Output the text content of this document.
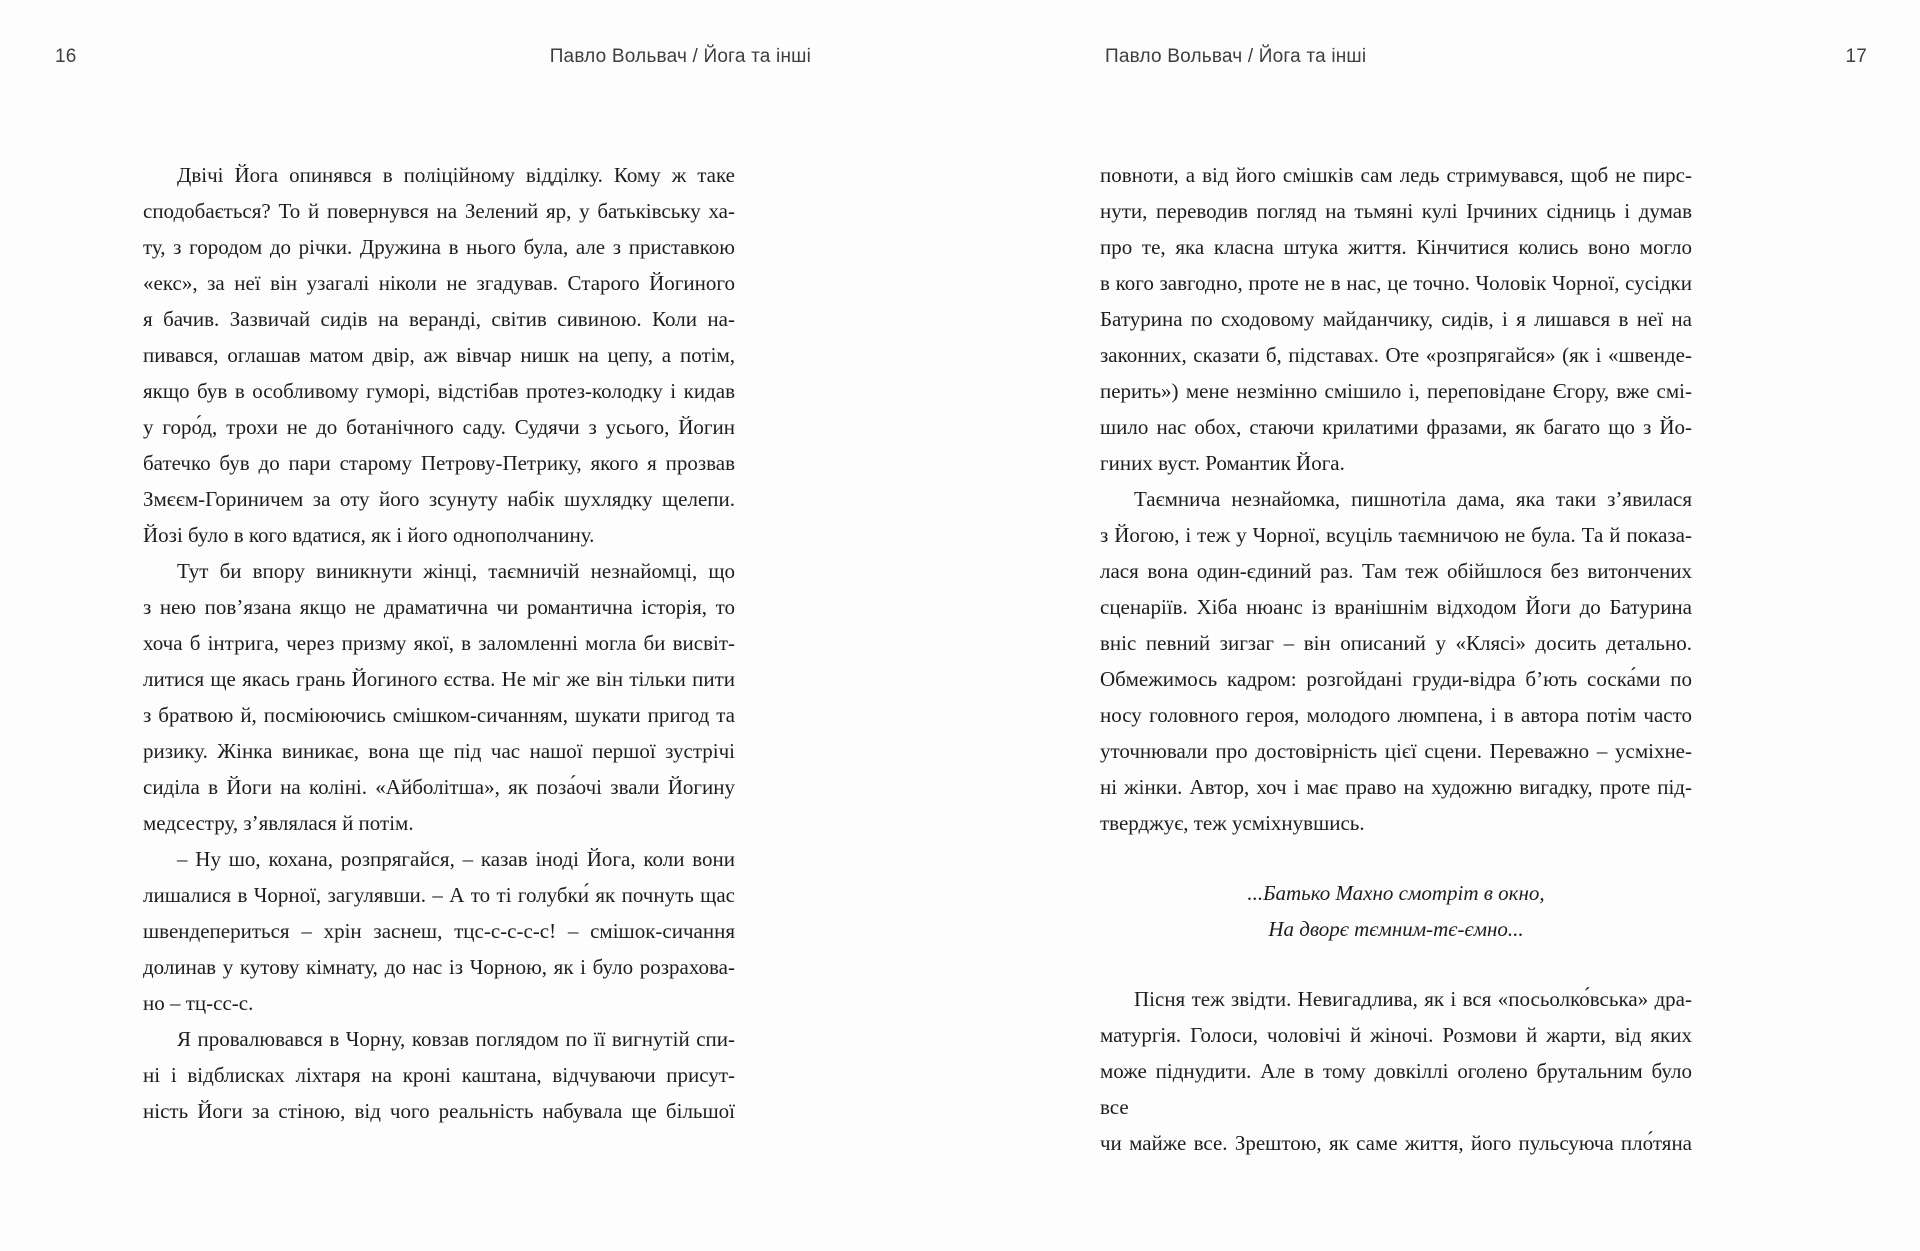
16	Павло Вольвач / Йога та інші	Павло Вольвач / Йога та інші	17
Двічі Йога опинявся в поліційному відділку. Кому ж таке
сподобається? То й повернувся на Зелений яр, у батьківську ха-
ту, з городом до річки. Дружина в нього була, але з приставкою
«екс», за неї він узагалі ніколи не згадував. Старого Йогиного
я бачив. Зазвичай сидів на веранді, світив сивиною. Коли на-
пивався, оглашав матом двір, аж вівчар нишк на цепу, а потім,
якщо був в особливому гуморі, відстібав протез-колодку і кидав
у горо́д, трохи не до ботанічного саду. Судячи з усього, Йогин
батечко був до пари старому Петрову-Петрику, якого я прозвав
Змєєм-Гориничем за оту його зсунуту набік шухлядку щелепи.
Йозі було в кого вдатися, як і його однополчанину.
Тут би впору виникнути жінці, таємничій незнайомці, що
з нею пов’язана якщо не драматична чи романтична історія, то
хоча б інтрига, через призму якої, в заломленні могла би висвіт-
литися ще якась грань Йогиного єства. Не міг же він тільки пити
з братвою й, посміюючись смішком-сичанням, шукати пригод та
ризику. Жінка виникає, вона ще під час нашої першої зустрічі
сиділа в Йоги на коліні. «Айболітша», як поза́очі звали Йогину
медсестру, з’являлася й потім.
– Ну шо, кохана, розпрягайся, – казав іноді Йога, коли вони
лишалися в Чорної, загулявши. – А то ті голубки́ як почнуть щас
швендепериться – хрін заснеш, тцс-с-с-с-с! – смішок-сичання
долинав у кутову кімнату, до нас із Чорною, як і було розрахова-
но – тц-сс-с.
Я провалювався в Чорну, ковзав поглядом по її вигнутій спи-
ні і відблисках ліхтаря на кроні каштана, відчуваючи присут-
ність Йоги за стіною, від чого реальність набувала ще більшої
повноти, а від його смішків сам ледь стримувався, щоб не пирс-
нути, переводив погляд на тьмяні кулі Ірчиних сідниць і думав
про те, яка класна штука життя. Кінчитися колись воно могло
в кого завгодно, проте не в нас, це точно. Чоловік Чорної, сусідки
Батурина по сходовому майданчику, сидів, і я лишався в неї на
законних, сказати б, підставах. Оте «розпрягайся» (як і «швенде-
перить») мене незмінно смішило і, переповідане Єгору, вже смі-
шило нас обох, стаючи крилатими фразами, як багато що з Йо-
гиних вуст. Романтик Йога.
Таємнича незнайомка, пишнотіла дама, яка таки з’явилася
з Йогою, і теж у Чорної, всуціль таємничою не була. Та й показа-
лася вона один-єдиний раз. Там теж обійшлося без витончених
сценаріїв. Хіба нюанс із вранішнім відходом Йоги до Батурина
вніс певний зигзаг – він описаний у «Клясі» досить детально.
Обмежимось кадром: розгойдані груди-відра б’ють соска́ми по
носу головного героя, молодого люмпена, і в автора потім часто
уточнювали про достовірність цієї сцени. Переважно – усміхне-
ні жінки. Автор, хоч і має право на художню вигадку, проте під-
тверджує, теж усміхнувшись.
...Батько Махно смотріт в окно,
На дворє тємним-тє-ємно...
Пісня теж звідти. Невигадлива, як і вся «посьолко́вська» дра-
матургія. Голоси, чоловічі й жіночі. Розмови й жарти, від яких
може піднудити. Але в тому довкіллі оголено брутальним було все
чи майже все. Зрештою, як саме життя, його пульсуюча пло́тяна
